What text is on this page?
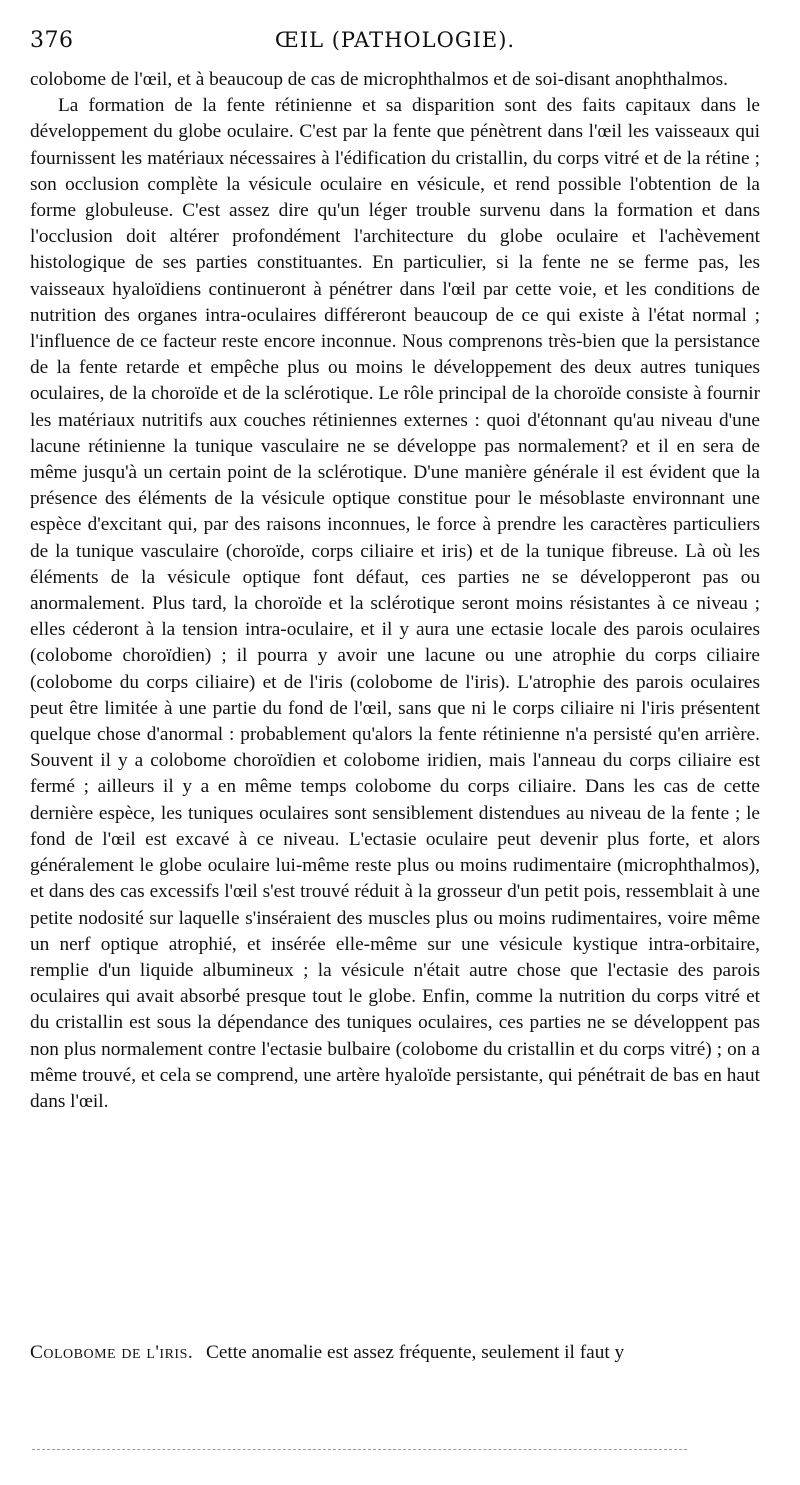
376	ŒIL (PATHOLOGIE).

colobome de l'œil, et à beaucoup de cas de microphthalmos et de soi-disant anophthalmos.

La formation de la fente rétinienne et sa disparition sont des faits capitaux dans le développement du globe oculaire. C'est par la fente que pénètrent dans l'œil les vaisseaux qui fournissent les matériaux nécessaires à l'édification du cristallin, du corps vitré et de la rétine ; son occlusion complète la vésicule oculaire en vésicule, et rend possible l'obtention de la forme globuleuse. C'est assez dire qu'un léger trouble survenu dans la formation et dans l'occlusion doit altérer profondément l'architecture du globe oculaire et l'achèvement histologique de ses parties constituantes. En particulier, si la fente ne se ferme pas, les vaisseaux hyaloïdiens continueront à pénétrer dans l'œil par cette voie, et les conditions de nutrition des organes intra-oculaires différeront beaucoup de ce qui existe à l'état normal ; l'influence de ce facteur reste encore inconnue. Nous comprenons très-bien que la persistance de la fente retarde et empêche plus ou moins le développement des deux autres tuniques oculaires, de la choroïde et de la sclérotique. Le rôle principal de la choroïde consiste à fournir les matériaux nutritifs aux couches rétiniennes externes : quoi d'étonnant qu'au niveau d'une lacune rétinienne la tunique vasculaire ne se développe pas normalement? et il en sera de même jusqu'à un certain point de la sclérotique. D'une manière générale il est évident que la présence des éléments de la vésicule optique constitue pour le mésoblaste environnant une espèce d'excitant qui, par des raisons inconnues, le force à prendre les caractères particuliers de la tunique vasculaire (choroïde, corps ciliaire et iris) et de la tunique fibreuse. Là où les éléments de la vésicule optique font défaut, ces parties ne se développeront pas ou anormalement. Plus tard, la choroïde et la sclérotique seront moins résistantes à ce niveau ; elles céderont à la tension intra-oculaire, et il y aura une ectasie locale des parois oculaires (colobome choroïdien) ; il pourra y avoir une lacune ou une atrophie du corps ciliaire (colobome du corps ciliaire) et de l'iris (colobome de l'iris). L'atrophie des parois oculaires peut être limitée à une partie du fond de l'œil, sans que ni le corps ciliaire ni l'iris présentent quelque chose d'anormal : probablement qu'alors la fente rétinienne n'a persisté qu'en arrière. Souvent il y a colobome choroïdien et colobome iridien, mais l'anneau du corps ciliaire est fermé ; ailleurs il y a en même temps colobome du corps ciliaire. Dans les cas de cette dernière espèce, les tuniques oculaires sont sensiblement distendues au niveau de la fente ; le fond de l'œil est excavé à ce niveau. L'ectasie oculaire peut devenir plus forte, et alors généralement le globe oculaire lui-même reste plus ou moins rudimentaire (microphthalmos), et dans des cas excessifs l'œil s'est trouvé réduit à la grosseur d'un petit pois, ressemblait à une petite nodosité sur laquelle s'inséraient des muscles plus ou moins rudimentaires, voire même un nerf optique atrophié, et insérée elle-même sur une vésicule kystique intra-orbitaire, remplie d'un liquide albumineux ; la vésicule n'était autre chose que l'ectasie des parois oculaires qui avait absorbé presque tout le globe. Enfin, comme la nutrition du corps vitré et du cristallin est sous la dépendance des tuniques oculaires, ces parties ne se développent pas non plus normalement contre l'ectasie bulbaire (colobome du cristallin et du corps vitré) ; on a même trouvé, et cela se comprend, une artère hyaloïde persistante, qui pénétrait de bas en haut dans l'œil.

Colobome de l'iris. Cette anomalie est assez fréquente, seulement il faut y
